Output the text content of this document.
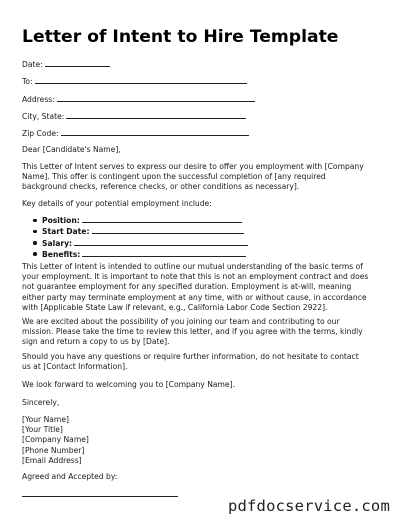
Letter of Intent to Hire Template
Date:
To:
Address:
City, State:
Zip Code:
Dear [Candidate's Name],
This Letter of Intent serves to express our desire to offer you employment with [Company
Name]. This offer is contingent upon the successful completion of [any required
background checks, reference checks, or other conditions as necessary].
Key details of your potential employment include:
Position:
Start Date:
Salary:
Benefits:
This Letter of Intent is intended to outline our mutual understanding of the basic terms of
your employment. It is important to note that this is not an employment contract and does
not guarantee employment for any specified duration. Employment is at-will, meaning
either party may terminate employment at any time, with or without cause, in accordance
with [Applicable State Law if relevant, e.g., California Labor Code Section 2922].
We are excited about the possibility of you joining our team and contributing to our
mission. Please take the time to review this letter, and if you agree with the terms, kindly
sign and return a copy to us by [Date].
Should you have any questions or require further information, do not hesitate to contact
us at [Contact Information].
We look forward to welcoming you to [Company Name].
Sincerely,
[Your Name]
[Your Title]
[Company Name]
[Phone Number]
[Email Address]
Agreed and Accepted by:
pdfdocservice.com
